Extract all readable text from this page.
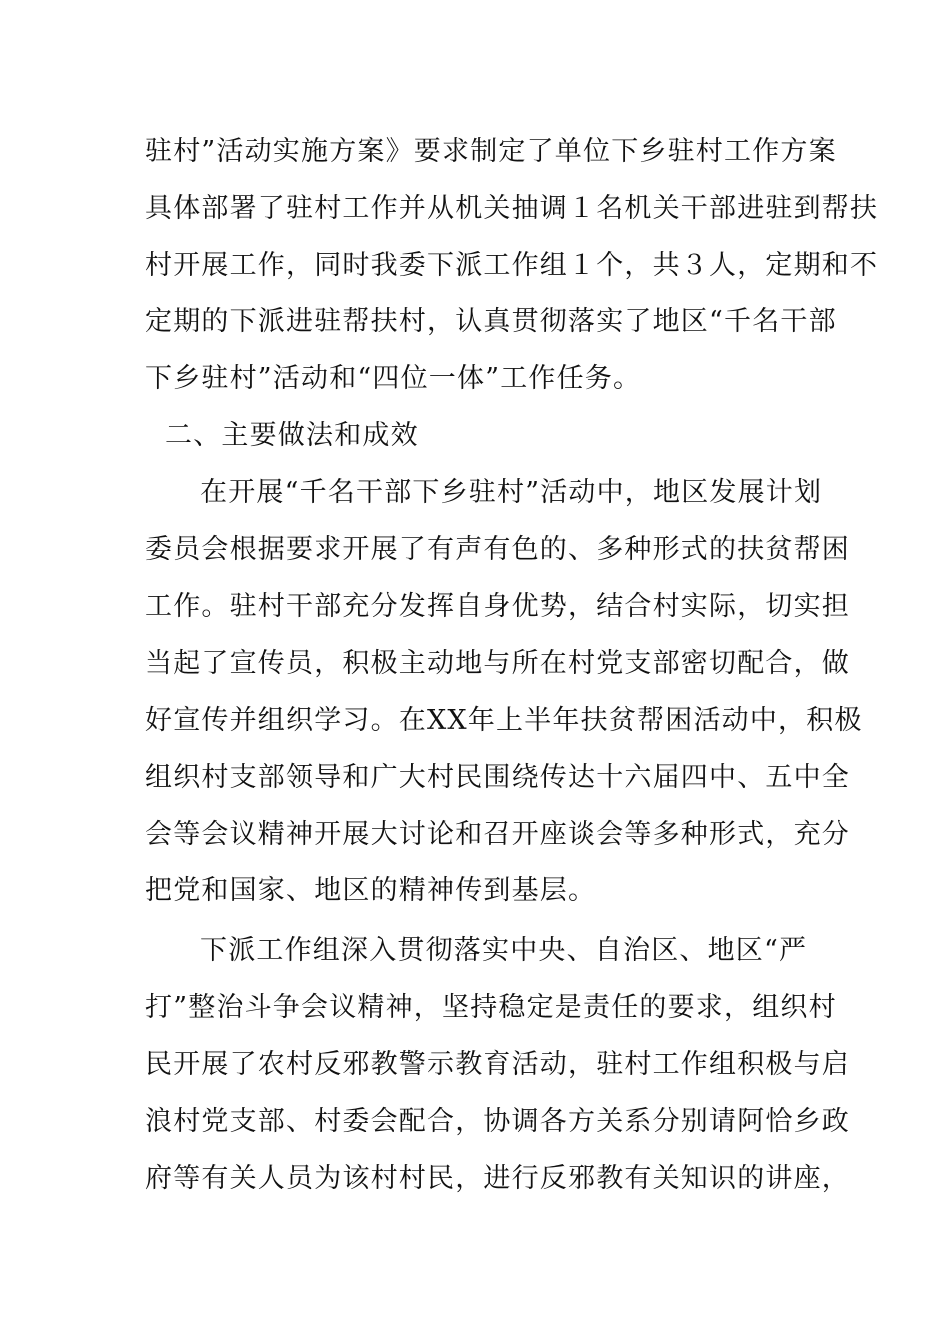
驻村”活动实施方案》要求制定了单位下乡驻村工作方案
具体部署了驻村工作并从机关抽调１名机关干部进驻到帮扶
村开展工作，同时我委下派工作组１个，共３人，定期和不
定期的下派进驻帮扶村，认真贯彻落实了地区“千名干部
下乡驻村”活动和“四位一体”工作任务。
二、主要做法和成效
在开展“千名干部下乡驻村”活动中，地区发展计划
委员会根据要求开展了有声有色的、多种形式的扶贫帮困
工作。驻村干部充分发挥自身优势，结合村实际，切实担
当起了宣传员，积极主动地与所在村党支部密切配合，做
好宣传并组织学习。在XX年上半年扶贫帮困活动中，积极
组织村支部领导和广大村民围绕传达十六届四中、五中全
会等会议精神开展大讨论和召开座谈会等多种形式，充分
把党和国家、地区的精神传到基层。
下派工作组深入贯彻落实中央、自治区、地区“严
打”整治斗争会议精神，坚持稳定是责任的要求，组织村
民开展了农村反邪教警示教育活动，驻村工作组积极与启
浪村党支部、村委会配合，协调各方关系分别请阿恰乡政
府等有关人员为该村村民，进行反邪教有关知识的讲座，
